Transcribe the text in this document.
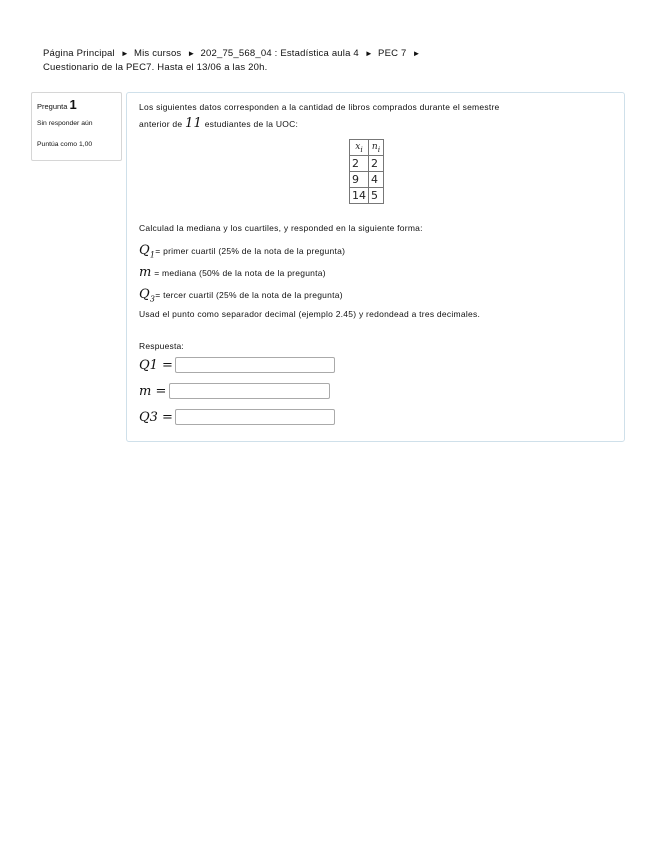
Página Principal ► Mis cursos ► 202_75_568_04 : Estadística aula 4 ► PEC 7 ►
Cuestionario de la PEC7. Hasta el 13/06 a las 20h.
Pregunta 1
Sin responder aún
Puntúa como 1,00
Los siguientes datos corresponden a la cantidad de libros comprados durante el semestre
anterior de 11 estudiantes de la UOC:
$x_i$	$n_i$
2	2
9	4
14	5
Calculad la mediana y los cuartiles, y responded en la siguiente forma:
$Q_1=$ primer cuartil (25% de la nota de la pregunta)
m = mediana (50% de la nota de la pregunta)
$Q_3=$ tercer cuartil (25% de la nota de la pregunta)
Usad el punto como separador decimal (ejemplo 2.45) y redondead a tres decimales.
Respuesta:
Q1 =
m =
Q3 =
